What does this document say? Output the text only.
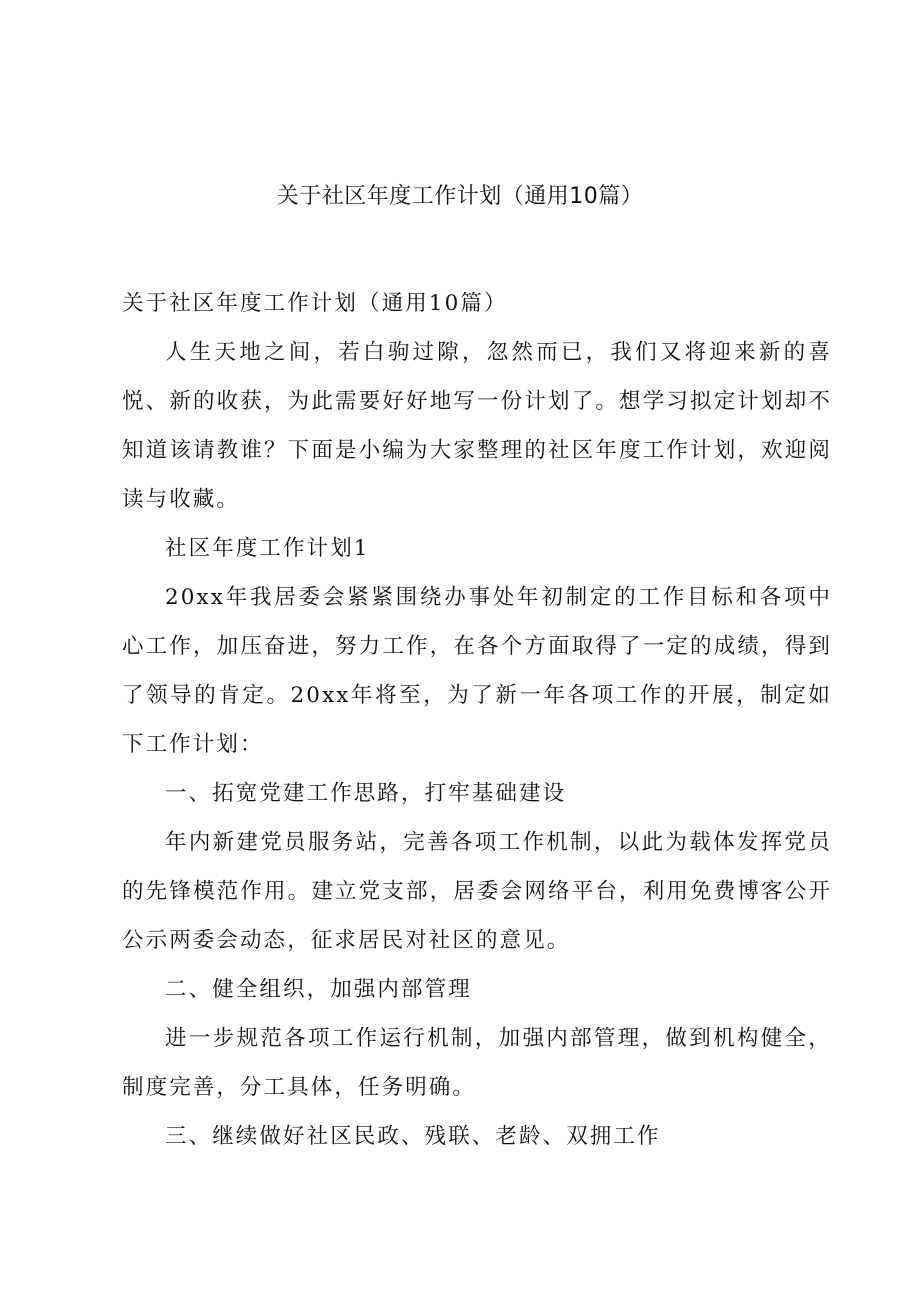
关于社区年度工作计划（通用10篇）

关于社区年度工作计划（通用10篇）

人生天地之间，若白驹过隙，忽然而已，我们又将迎来新的喜悦、新的收获，为此需要好好地写一份计划了。想学习拟定计划却不知道该请教谁？下面是小编为大家整理的社区年度工作计划，欢迎阅读与收藏。

社区年度工作计划1

20xx年我居委会紧紧围绕办事处年初制定的工作目标和各项中心工作，加压奋进，努力工作，在各个方面取得了一定的成绩，得到了领导的肯定。20xx年将至，为了新一年各项工作的开展，制定如下工作计划：

一、拓宽党建工作思路，打牢基础建设

年内新建党员服务站，完善各项工作机制，以此为载体发挥党员的先锋模范作用。建立党支部，居委会网络平台，利用免费博客公开公示两委会动态，征求居民对社区的意见。

二、健全组织，加强内部管理

进一步规范各项工作运行机制，加强内部管理，做到机构健全，制度完善，分工具体，任务明确。

三、继续做好社区民政、残联、老龄、双拥工作
